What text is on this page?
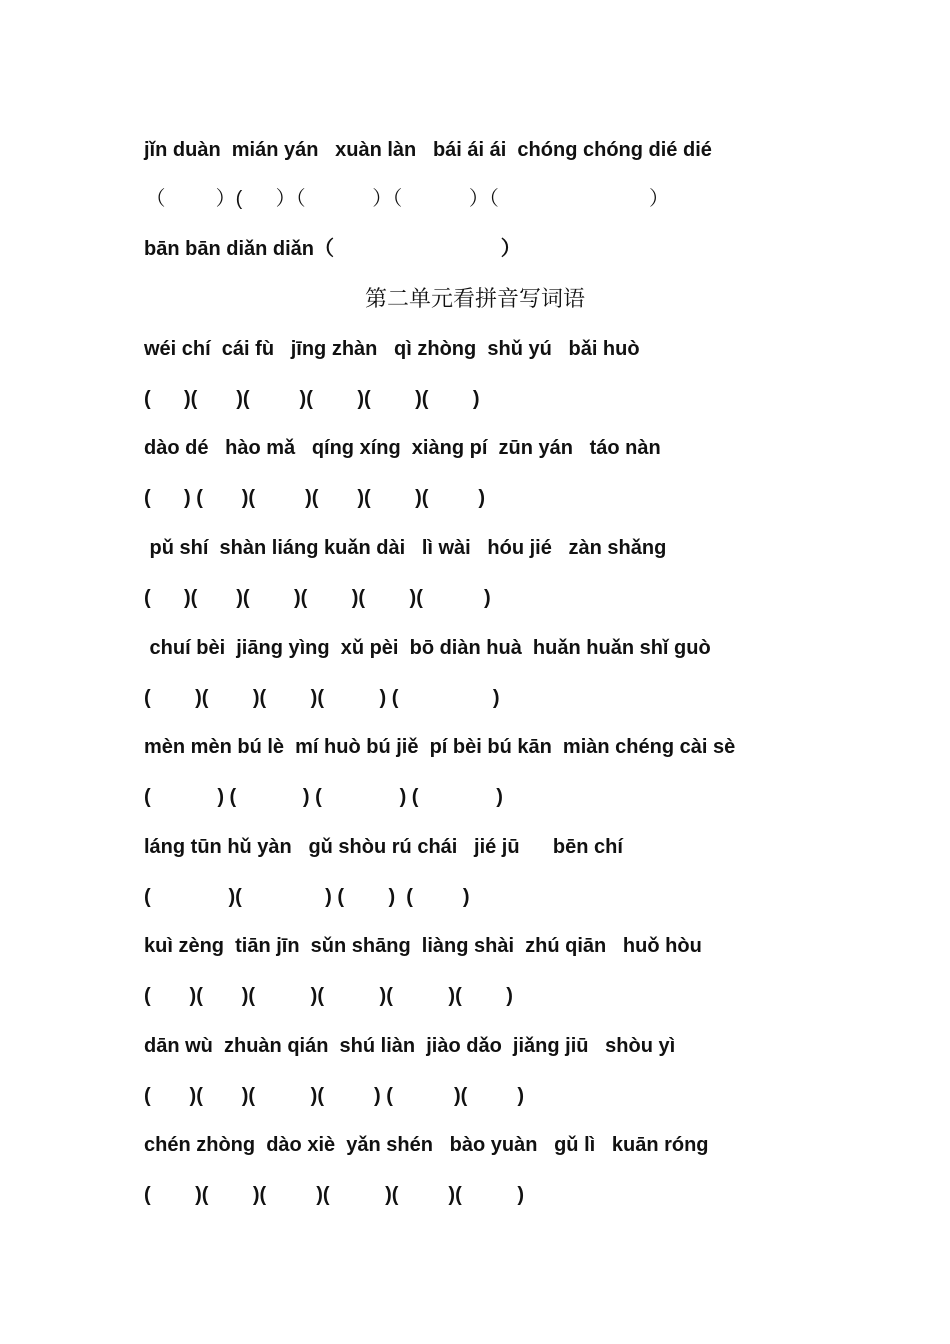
jǐn duàn  mián yán   xuàn làn   bái ái ái  chóng chóng dié dié
（         ）(      ）（            ）（            ）（                           ）
bān bān diǎn diǎn（                              ）
第二单元看拼音写词语
wéi chí  cái fù   jīng zhàn   qì zhòng  shǔ yú   bǎi huò
(      )(       )(         )(        )(        )(        )
dào dé   hào mǎ   qíng xíng  xiàng pí  zūn yán   táo nàn
(      ) (       )(         )(       )(        )(         )
pǔ shí  shàn liáng kuǎn dài   lì wài   hóu jié   zàn shǎng
(      )(       )(        )(        )(        )(           )
chuí bèi  jiāng yìng  xǔ pèi  bō diàn huà  huǎn huǎn shǐ guò
(        )(        )(        )(          ) (                 )
mèn mèn bú lè  mí huò bú jiě  pí bèi bú kān  miàn chéng cài sè
(            ) (            ) (              ) (              )
láng tūn hǔ yàn   gǔ shòu rú chái   jié jū      bēn chí
(              )(               ) (        )  (         )
kuì zèng  tiān jīn  sǔn shāng  liàng shài  zhú qiān   huǒ hòu
(       )(       )(          )(          )(          )(        )
dān wù  zhuàn qián  shú liàn  jiào dǎo  jiǎng jiū   shòu yì
(       )(       )(          )(         ) (           )(         )
chén zhòng  dào xiè  yǎn shén   bào yuàn   gǔ lì   kuān róng
(        )(        )(         )(          )(         )(          )
